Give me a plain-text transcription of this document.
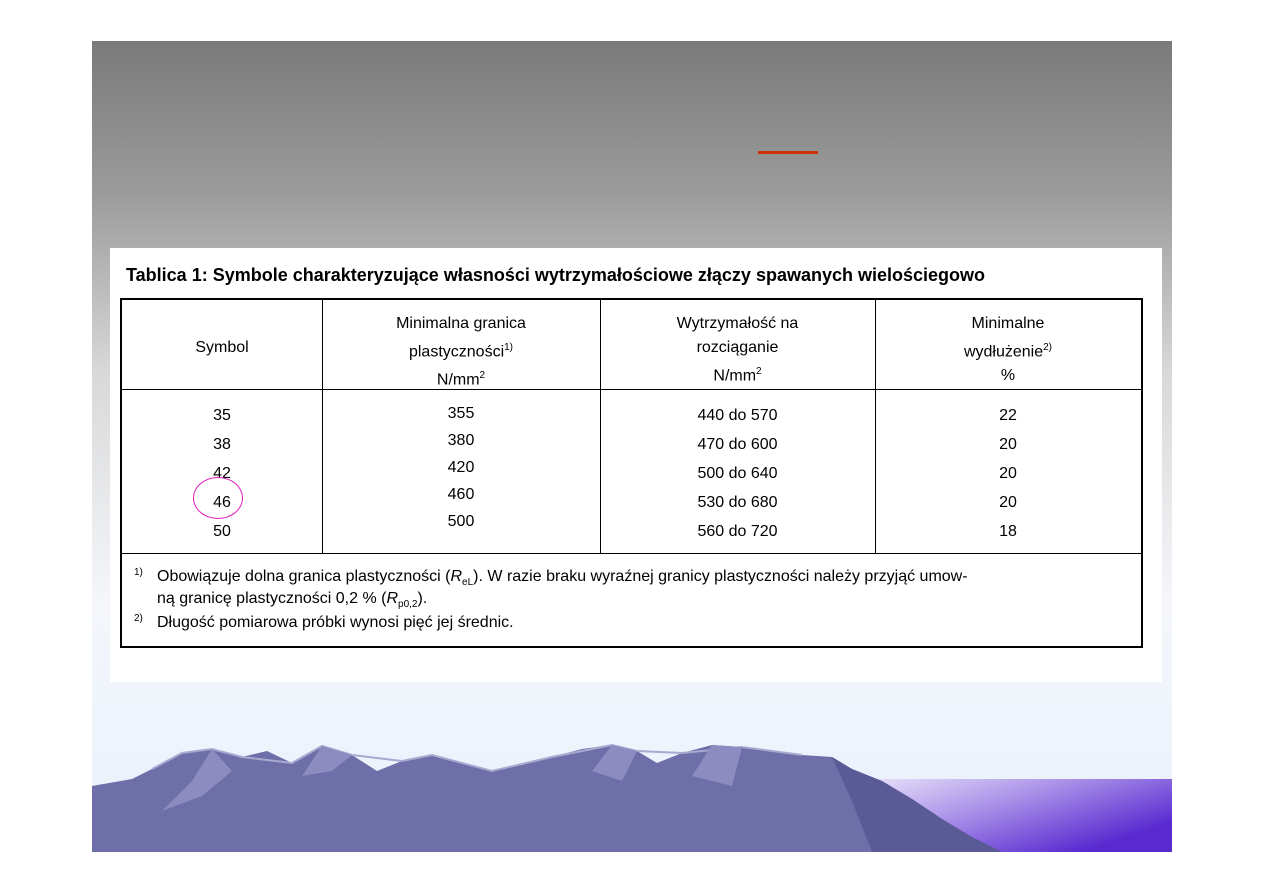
Tablica 1: Symbole charakteryzujące własności wytrzymałościowe złączy spawanych wielościegowo
Symbol
Minimalna granica
plastyczności$^{1)}$
$N/mm^2$
Wytrzymałość na
rozciąganie
$N/mm^2$
Minimalne
wydłużenie$^{2)}$
%
35
38
42
46
50
355
380
420
460
500
440 do 570
470 do 600
500 do 640
530 do 680
560 do 720
22
20
20
20
18
1) Obowiązuje dolna granica plastyczności $(R_{eL})$. W razie braku wyraźnej granicy plastyczności należy przyjąć umow-
ną granicę plastyczności 0,2 % $(R_{p0,2})$.
2) Długość pomiarowa próbki wynosi pięć jej średnic.
